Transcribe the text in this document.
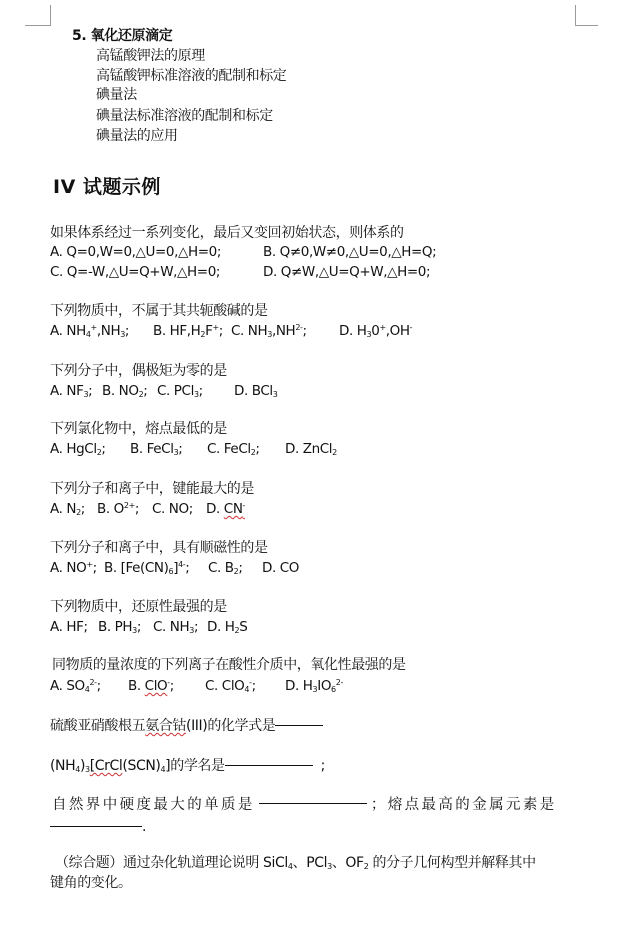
5. 氧化还原滴定
高锰酸钾法的原理
高锰酸钾标准溶液的配制和标定
碘量法
碘量法标准溶液的配制和标定
碘量法的应用
IV 试题示例
如果体系经过一系列变化，最后又变回初始状态，则体系的
A. Q=0,W=0,△U=0,△H=0;	B. Q≠0,W≠0,△U=0,△H=Q;
C. Q=-W,△U=Q+W,△H=0;	D. Q≠W,△U=Q+W,△H=0;
下列物质中，不属于其共轭酸碱的是
A. $NH_4^+,NH_3$; B. $HF,H_2F^+$; C. $NH_3,NH^{2-}$; D. $H_30^+,OH^-$
下列分子中，偶极矩为零的是
A. $NF_3$; B. $NO_2$; C. PCl$_3$; D. BCl$_3$
下列氯化物中，熔点最低的是
A. HgCl$_2$; B. FeCl$_3$; C. FeCl$_2$; D. ZnCl$_2$
下列分子和离子中，键能最大的是
A. $N_2$; B. $O^{2+}$; C. NO; D. CN-
下列分子和离子中，具有顺磁性的是
A. NO+; B. $[Fe(CN)_6]^{4-}$; C. $B_2$; D. CO
下列物质中，还原性最强的是
A. HF; B. $PH_3$; C. $NH_3$; D. $H_2S$
同物质的量浓度的下列离子在酸性介质中，氧化性最强的是
A. $SO_4^{2-}$; B. ClO-; C. ClO$_4$-; D. $H_3IO_6^{2-}$
硫酸亚硝酸根五氨合钴(III)的化学式是
$(NH_4)_3[CrCl(SCN)_4]$的学名是	;
自然界中硬度最大的单质是	；熔点最高的金属元素是
.
（综合题）通过杂化轨道理论说明 SiCl$_4$、PCl$_3$、$OF_2$ 的分子几何构型并解释其中
键角的变化。
